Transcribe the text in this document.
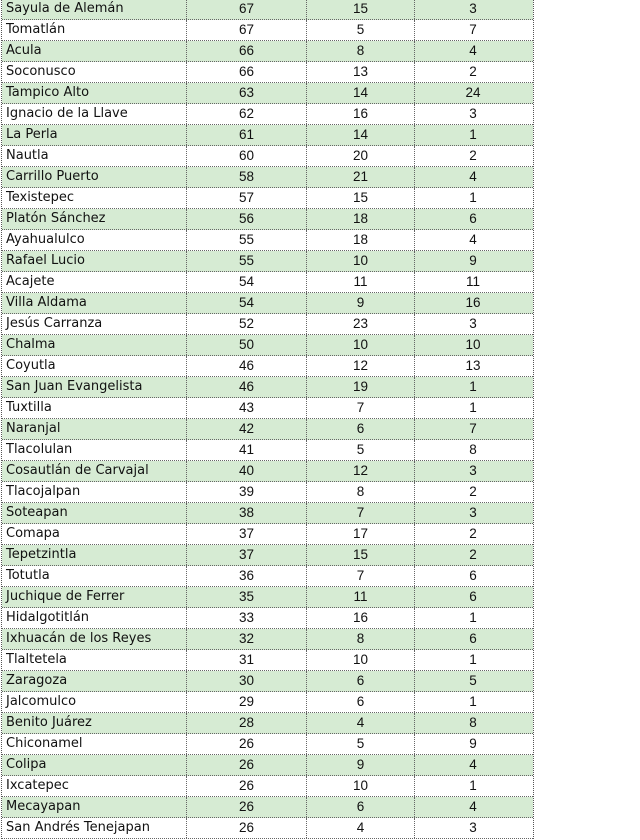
Sayula de Alemán	67	15	3
Tomatlán	67	5	7
Acula	66	8	4
Soconusco	66	13	2
Tampico Alto	63	14	24
Ignacio de la Llave	62	16	3
La Perla	61	14	1
Nautla	60	20	2
Carrillo Puerto	58	21	4
Texistepec	57	15	1
Platón Sánchez	56	18	6
Ayahualulco	55	18	4
Rafael Lucio	55	10	9
Acajete	54	11	11
Villa Aldama	54	9	16
Jesús Carranza	52	23	3
Chalma	50	10	10
Coyutla	46	12	13
San Juan Evangelista	46	19	1
Tuxtilla	43	7	1
Naranjal	42	6	7
Tlacolulan	41	5	8
Cosautlán de Carvajal	40	12	3
Tlacojalpan	39	8	2
Soteapan	38	7	3
Comapa	37	17	2
Tepetzintla	37	15	2
Totutla	36	7	6
Juchique de Ferrer	35	11	6
Hidalgotitlán	33	16	1
Ixhuacán de los Reyes	32	8	6
Tlaltetela	31	10	1
Zaragoza	30	6	5
Jalcomulco	29	6	1
Benito Juárez	28	4	8
Chiconamel	26	5	9
Colipa	26	9	4
Ixcatepec	26	10	1
Mecayapan	26	6	4
San Andrés Tenejapan	26	4	3
